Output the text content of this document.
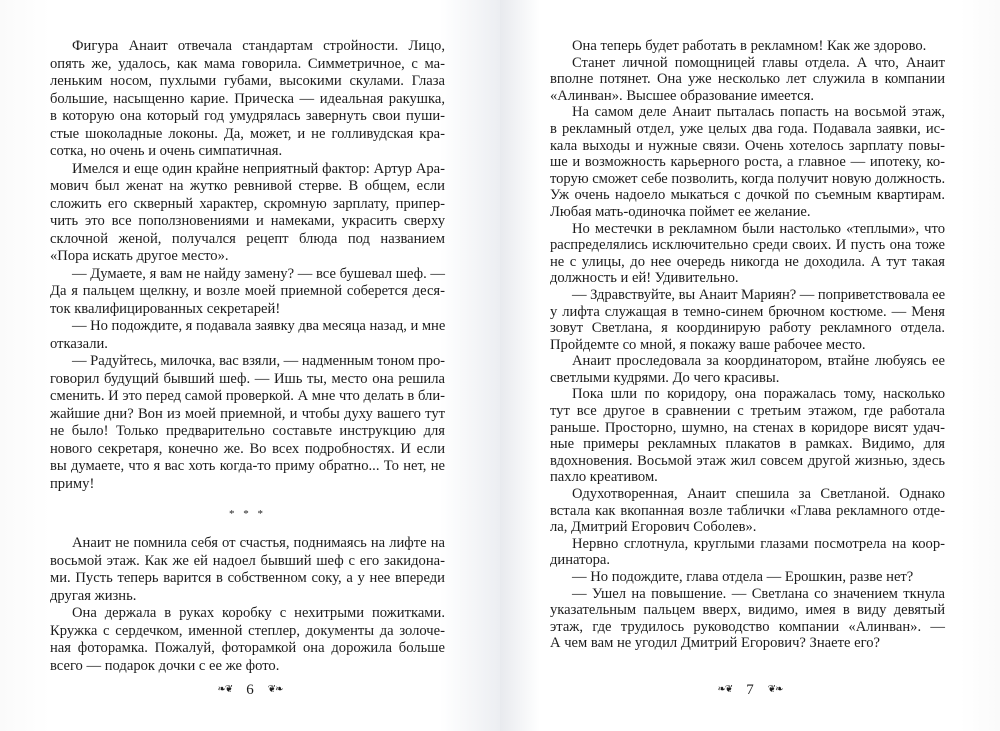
Фигура Анаит отвечала стандартам стройности. Лицо,
опять же, удалось, как мама говорила. Симметричное, с ма-
леньким носом, пухлыми губами, высокими скулами. Глаза
большие, насыщенно карие. Прическа — идеальная ракушка,
в которую она который год умудрялась завернуть свои пуши-
стые шоколадные локоны. Да, может, и не голливудская кра-
сотка, но очень и очень симпатичная.
Имелся и еще один крайне неприятный фактор: Артур Ара-
мович был женат на жутко ревнивой стерве. В общем, если
сложить его скверный характер, скромную зарплату, припер-
чить это все поползновениями и намеками, украсить сверху
склочной женой, получался рецепт блюда под названием
«Пора искать другое место».
— Думаете, я вам не найду замену? — все бушевал шеф. —
Да я пальцем щелкну, и возле моей приемной соберется деся-
ток квалифицированных секретарей!
— Но подождите, я подавала заявку два месяца назад, и мне
отказали.
— Радуйтесь, милочка, вас взяли, — надменным тоном про-
говорил будущий бывший шеф. — Ишь ты, место она решила
сменить. И это перед самой проверкой. А мне что делать в бли-
жайшие дни? Вон из моей приемной, и чтобы духу вашего тут
не было! Только предварительно составьте инструкцию для
нового секретаря, конечно же. Во всех подробностях. И если
вы думаете, что я вас хоть когда-то приму обратно... То нет, не
приму!
* * *
Анаит не помнила себя от счастья, поднимаясь на лифте на
восьмой этаж. Как же ей надоел бывший шеф с его закидона-
ми. Пусть теперь варится в собственном соку, а у нее впереди
другая жизнь.
Она держала в руках коробку с нехитрыми пожитками.
Кружка с сердечком, именной степлер, документы да золоче-
ная фоторамка. Пожалуй, фоторамкой она дорожила больше
всего — подарок дочки с ее же фото.
❧❦ 6 ❦❧
Она теперь будет работать в рекламном! Как же здорово.
Станет личной помощницей главы отдела. А что, Анаит
вполне потянет. Она уже несколько лет служила в компании
«Алинван». Высшее образование имеется.
На самом деле Анаит пыталась попасть на восьмой этаж,
в рекламный отдел, уже целых два года. Подавала заявки, ис-
кала выходы и нужные связи. Очень хотелось зарплату повы-
ше и возможность карьерного роста, а главное — ипотеку, ко-
торую сможет себе позволить, когда получит новую должность.
Уж очень надоело мыкаться с дочкой по съемным квартирам.
Любая мать-одиночка поймет ее желание.
Но местечки в рекламном были настолько «теплыми», что
распределялись исключительно среди своих. И пусть она тоже
не с улицы, до нее очередь никогда не доходила. А тут такая
должность и ей! Удивительно.
— Здравствуйте, вы Анаит Мариян? — поприветствовала ее
у лифта служащая в темно-синем брючном костюме. — Меня
зовут Светлана, я координирую работу рекламного отдела.
Пройдемте со мной, я покажу ваше рабочее место.
Анаит проследовала за координатором, втайне любуясь ее
светлыми кудрями. До чего красивы.
Пока шли по коридору, она поражалась тому, насколько
тут все другое в сравнении с третьим этажом, где работала
раньше. Просторно, шумно, на стенах в коридоре висят удач-
ные примеры рекламных плакатов в рамках. Видимо, для
вдохновения. Восьмой этаж жил совсем другой жизнью, здесь
пахло креативом.
Одухотворенная, Анаит спешила за Светланой. Однако
встала как вкопанная возле таблички «Глава рекламного отде-
ла, Дмитрий Егорович Соболев».
Нервно сглотнула, круглыми глазами посмотрела на коор-
динатора.
— Но подождите, глава отдела — Ерошкин, разве нет?
— Ушел на повышение. — Светлана со значением ткнула
указательным пальцем вверх, видимо, имея в виду девятый
этаж, где трудилось руководство компании «Алинван». —
А чем вам не угодил Дмитрий Егорович? Знаете его?
❧❦ 7 ❦❧
